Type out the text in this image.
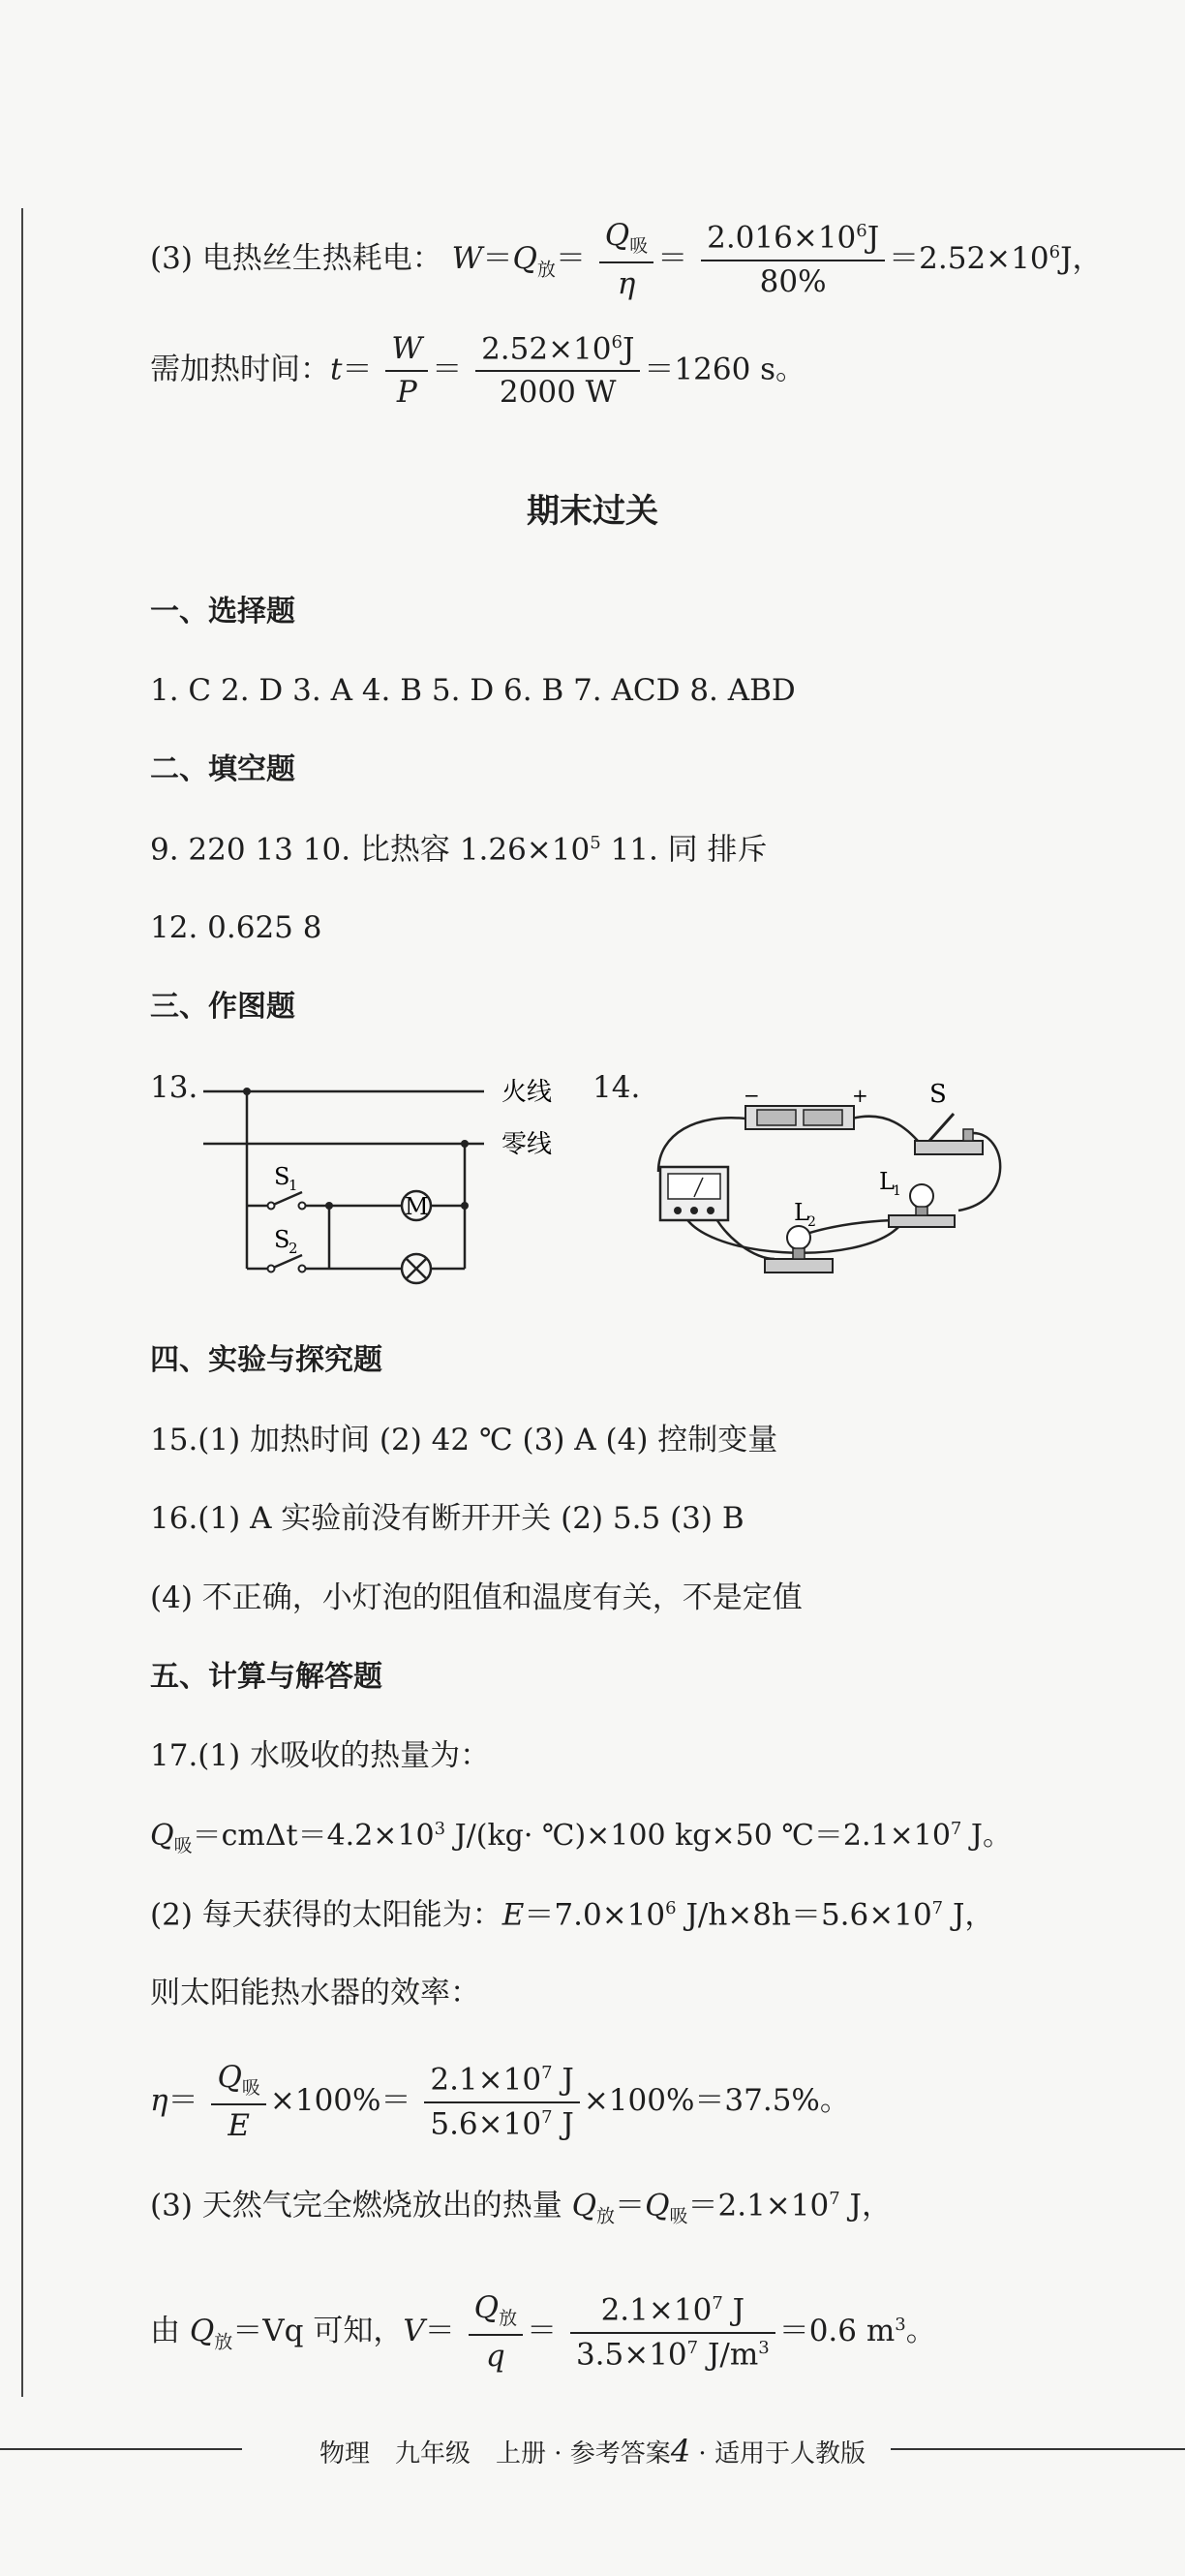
(3) 电热丝生热耗电： $W=Q_放= \frac{Q_吸}{\eta} = \frac{2.016\times 10^6J}{80\%} =2.52\times 10^6J$，
需加热时间：$t= \frac{W}{P} = \frac{2.52\times 10^6J}{2000 W} =1260$ s。
期末过关
一、选择题
1. C 2. D 3. A 4. B 5. D 6. B 7. ACD 8. ABD
二、填空题
9. 220 13 10. 比热容 $1.26\times 10^5$ 11. 同 排斥
12. 0.625 8
三、作图题
13.	14.
M
S
1
S
2
火线
零线
−	+ S
L
1
L
2
四、实验与探究题
15.(1) 加热时间 (2) 42 ℃ (3) A (4) 控制变量
16.(1) A 实验前没有断开开关 (2) 5.5 (3) B
(4) 不正确，小灯泡的阻值和温度有关，不是定值
五、计算与解答题
17.(1) 水吸收的热量为：
$Q_吸=cm\Delta t=4.2\times 10^3$ J/(kg· ℃)×100 kg×50 $℃=2.1\times 10^7$ J。
(2) 每天获得的太阳能为：$E=7.0\times 10^6$ $J/h\times 8h=5.6\times 10^7$ J，
则太阳能热水器的效率：
$\eta= \frac{Q_吸}{E} \times 100\%= \frac{2.1\times 10^7 J}{5.6\times 10^7 J} \times 100\%=37.5\%$。
(3) 天然气完全燃烧放出的热量 $Q_放=Q_吸=2.1\times 10^7$ J，
由 $Q_放=Vq$ 可知，$V= \frac{Q_放}{q} = \frac{2.1\times 10^7 J}{3.5\times 10^7 J/m^3} =0.6$ $m^3$。
物理　九年级　上册 · 参考答案4 · 适用于人教版
